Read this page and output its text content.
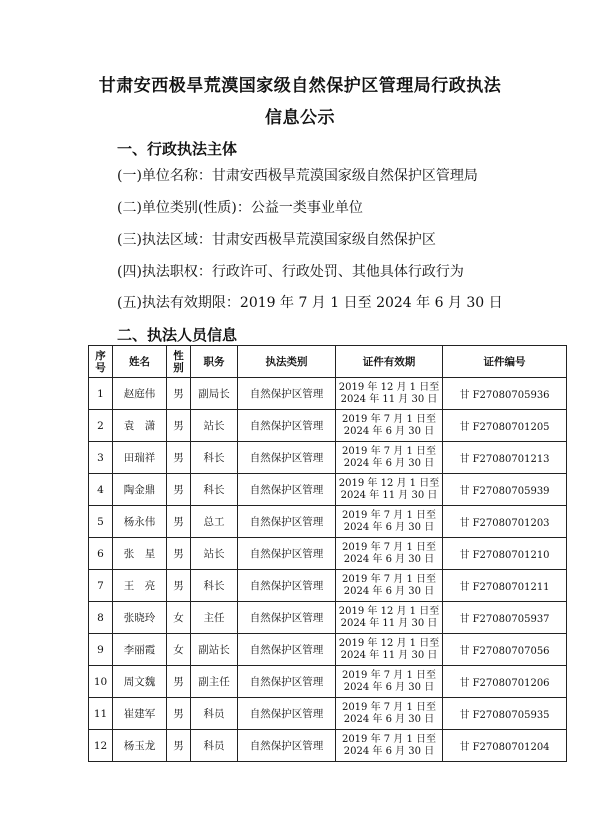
甘肃安西极旱荒漠国家级自然保护区管理局行政执法
信息公示
一、行政执法主体
(一)单位名称：甘肃安西极旱荒漠国家级自然保护区管理局
(二)单位类别(性质)：公益一类事业单位
(三)执法区域：甘肃安西极旱荒漠国家级自然保护区
(四)执法职权：行政许可、行政处罚、其他具体行政行为
(五)执法有效期限：2019 年 7 月 1 日至 2024 年 6 月 30 日
二、执法人员信息
序
号	姓名	性
别	职务	执法类别	证件有效期	证件编号
1	赵庭伟	男	副局长	自然保护区管理	2019 年 12 月 1 日至
2024 年 11 月 30 日	甘 F27080705936
2	袁　潇	男	站长	自然保护区管理	2019 年 7 月 1 日至
2024 年 6 月 30 日	甘 F27080701205
3	田瑞祥	男	科长	自然保护区管理	2019 年 7 月 1 日至
2024 年 6 月 30 日	甘 F27080701213
4	陶金鼎	男	科长	自然保护区管理	2019 年 12 月 1 日至
2024 年 11 月 30 日	甘 F27080705939
5	杨永伟	男	总工	自然保护区管理	2019 年 7 月 1 日至
2024 年 6 月 30 日	甘 F27080701203
6	张　星	男	站长	自然保护区管理	2019 年 7 月 1 日至
2024 年 6 月 30 日	甘 F27080701210
7	王　亮	男	科长	自然保护区管理	2019 年 7 月 1 日至
2024 年 6 月 30 日	甘 F27080701211
8	张晓玲	女	主任	自然保护区管理	2019 年 12 月 1 日至
2024 年 11 月 30 日	甘 F27080705937
9	李丽霞	女	副站长	自然保护区管理	2019 年 12 月 1 日至
2024 年 11 月 30 日	甘 F27080707056
10	周文魏	男	副主任	自然保护区管理	2019 年 7 月 1 日至
2024 年 6 月 30 日	甘 F27080701206
11	崔建军	男	科员	自然保护区管理	2019 年 7 月 1 日至
2024 年 6 月 30 日	甘 F27080705935
12	杨玉龙	男	科员	自然保护区管理	2019 年 7 月 1 日至
2024 年 6 月 30 日	甘 F27080701204
